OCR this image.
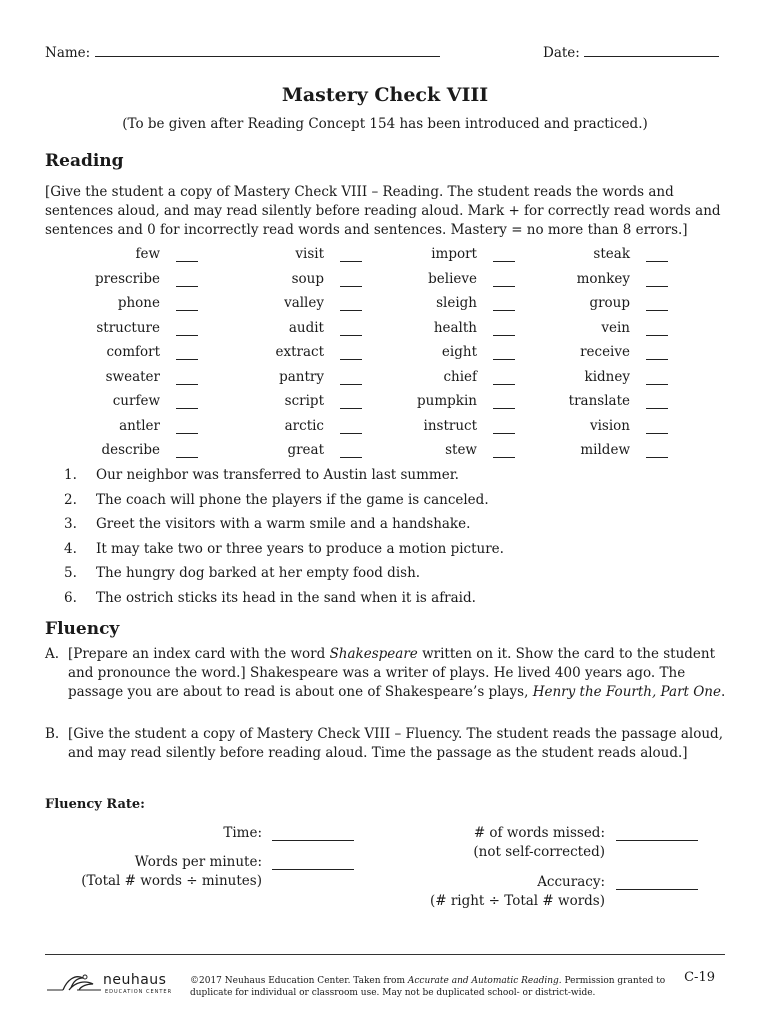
Name:	Date:
Mastery Check VIII
(To be given after Reading Concept 154 has been introduced and practiced.)
Reading
[Give the student a copy of Mastery Check VIII – Reading. The student reads the words and sentences aloud, and may read silently before reading aloud. Mark + for correctly read words and sentences and 0 for incorrectly read words and sentences. Mastery = no more than 8 errors.]
few
prescribe
phone
structure
comfort
sweater
curfew
antler
describe
visit
soup
valley
audit
extract
pantry
script
arctic
great
import
believe
sleigh
health
eight
chief
pumpkin
instruct
stew
steak
monkey
group
vein
receive
kidney
translate
vision
mildew
1. Our neighbor was transferred to Austin last summer.
2. The coach will phone the players if the game is canceled.
3. Greet the visitors with a warm smile and a handshake.
4. It may take two or three years to produce a motion picture.
5. The hungry dog barked at her empty food dish.
6. The ostrich sticks its head in the sand when it is afraid.
Fluency
A. [Prepare an index card with the word Shakespeare written on it. Show the card to the student and pronounce the word.] Shakespeare was a writer of plays. He lived 400 years ago. The passage you are about to read is about one of Shakespeare’s plays, Henry the Fourth, Part One.
B. [Give the student a copy of Mastery Check VIII – Fluency. The student reads the passage aloud, and may read silently before reading aloud. Time the passage as the student reads aloud.]
Fluency Rate:
Time:
Words per minute:
(Total # words ÷ minutes)
# of words missed:
(not self-corrected)
Accuracy:
(# right ÷ Total # words)
neuhaus
EDUCATION CENTER
©2017 Neuhaus Education Center. Taken from Accurate and Automatic Reading. Permission granted to duplicate for individual or classroom use. May not be duplicated school- or district-wide.
C-19
